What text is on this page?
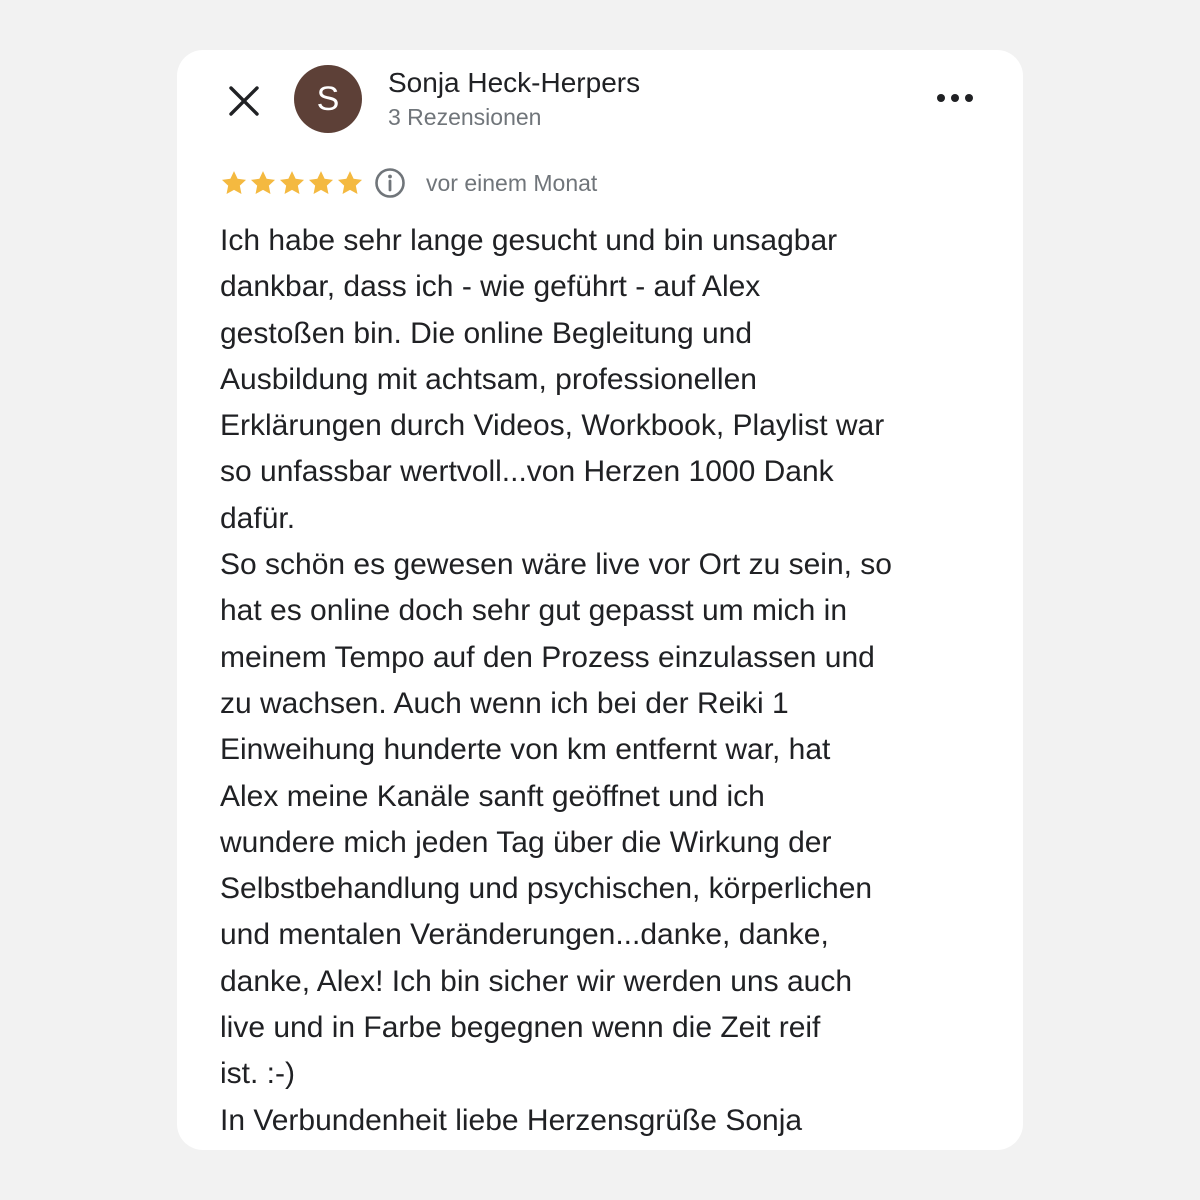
S Sonja Heck-Herpers
3 Rezensionen
vor einem Monat
Ich habe sehr lange gesucht und bin unsagbar
dankbar, dass ich - wie geführt - auf Alex
gestoßen bin. Die online Begleitung und
Ausbildung mit achtsam, professionellen
Erklärungen durch Videos, Workbook, Playlist war
so unfassbar wertvoll...von Herzen 1000 Dank
dafür.
So schön es gewesen wäre live vor Ort zu sein, so
hat es online doch sehr gut gepasst um mich in
meinem Tempo auf den Prozess einzulassen und
zu wachsen. Auch wenn ich bei der Reiki 1
Einweihung hunderte von km entfernt war, hat
Alex meine Kanäle sanft geöffnet und ich
wundere mich jeden Tag über die Wirkung der
Selbstbehandlung und psychischen, körperlichen
und mentalen Veränderungen...danke, danke,
danke, Alex! Ich bin sicher wir werden uns auch
live und in Farbe begegnen wenn die Zeit reif
ist. :-)
In Verbundenheit liebe Herzensgrüße Sonja
